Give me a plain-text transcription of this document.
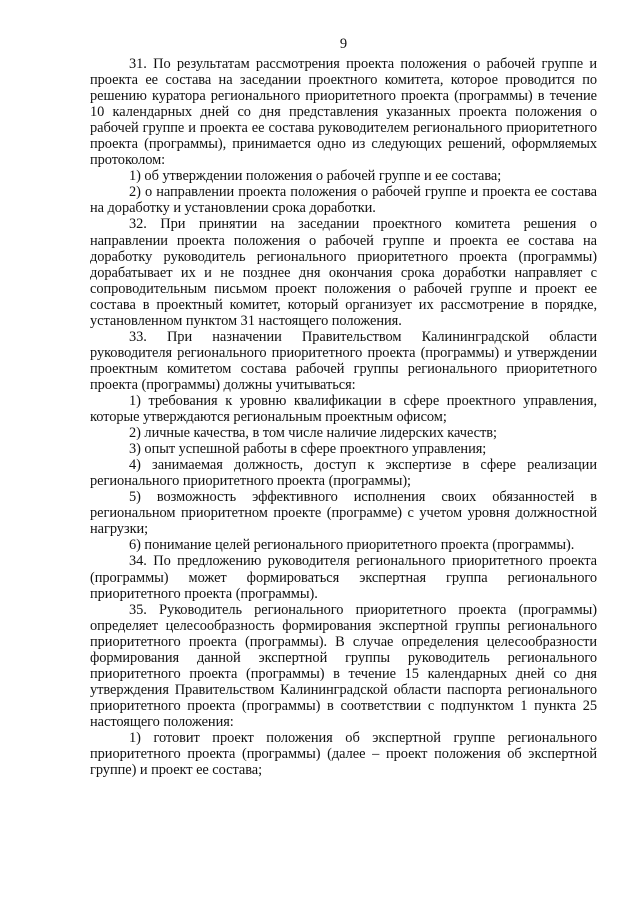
9

31. По результатам рассмотрения проекта положения о рабочей группе и проекта ее состава на заседании проектного комитета, которое проводится по решению куратора регионального приоритетного проекта (программы) в течение 10 календарных дней со дня представления указанных проекта положения о рабочей группе и проекта ее состава руководителем регионального приоритетного проекта (программы), принимается одно из следующих решений, оформляемых протоколом:

1) об утверждении положения о рабочей группе и ее состава;

2) о направлении проекта положения о рабочей группе и проекта ее состава на доработку и установлении срока доработки.

32. При принятии на заседании проектного комитета решения о направлении проекта положения о рабочей группе и проекта ее состава на доработку руководитель регионального приоритетного проекта (программы) дорабатывает их и не позднее дня окончания срока доработки направляет с сопроводительным письмом проект положения о рабочей группе и проект ее состава в проектный комитет, который организует их рассмотрение в порядке, установленном пунктом 31 настоящего положения.

33. При назначении Правительством Калининградской области руководителя регионального приоритетного проекта (программы) и утверждении проектным комитетом состава рабочей группы регионального приоритетного проекта (программы) должны учитываться:

1) требования к уровню квалификации в сфере проектного управления, которые утверждаются региональным проектным офисом;

2) личные качества, в том числе наличие лидерских качеств;

3) опыт успешной работы в сфере проектного управления;

4) занимаемая должность, доступ к экспертизе в сфере реализации регионального приоритетного проекта (программы);

5) возможность эффективного исполнения своих обязанностей в региональном приоритетном проекте (программе) с учетом уровня должностной нагрузки;

6) понимание целей регионального приоритетного проекта (программы).

34. По предложению руководителя регионального приоритетного проекта (программы) может формироваться экспертная группа регионального приоритетного проекта (программы).

35. Руководитель регионального приоритетного проекта (программы) определяет целесообразность формирования экспертной группы регионального приоритетного проекта (программы). В случае определения целесообразности формирования данной экспертной группы руководитель регионального приоритетного проекта (программы) в течение 15 календарных дней со дня утверждения Правительством Калининградской области паспорта регионального приоритетного проекта (программы) в соответствии с подпунктом 1 пункта 25 настоящего положения:

1) готовит проект положения об экспертной группе регионального приоритетного проекта (программы) (далее – проект положения об экспертной группе) и проект ее состава;
